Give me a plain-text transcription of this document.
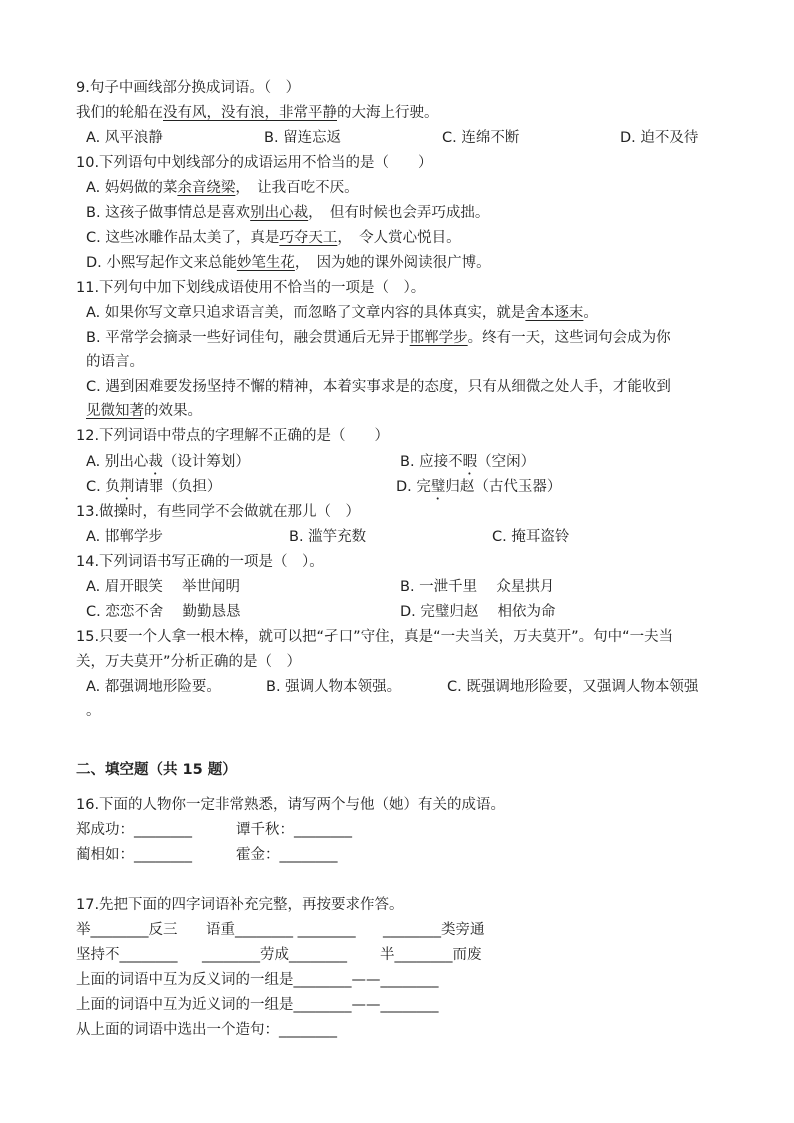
9.句子中画线部分换成词语。（　）
我们的轮船在没有风，没有浪，非常平静的大海上行驶。
A. 风平浪静	B. 留连忘返	C. 连绵不断	D. 迫不及待
10.下列语句中划线部分的成语运用不恰当的是（　　）
A. 妈妈做的菜余音绕梁，　让我百吃不厌。
B. 这孩子做事情总是喜欢别出心裁，　但有时候也会弄巧成拙。
C. 这些冰雕作品太美了，真是巧夺天工，　令人赏心悦目。
D. 小熙写起作文来总能妙笔生花，　因为她的课外阅读很广博。
11.下列句中加下划线成语使用不恰当的一项是（　）。
A. 如果你写文章只追求语言美，而忽略了文章内容的具体真实，就是舍本逐末。
B. 平常学会摘录一些好词佳句，融会贯通后无异于邯郸学步。终有一天，这些词句会成为你
的语言。
C. 遇到困难要发扬坚持不懈的精神，本着实事求是的态度，只有从细微之处人手，才能收到
见微知著的效果。
12.下列词语中带点的字理解不正确的是（　　）
A. 别出心裁（设计筹划）	B. 应接不暇（空闲）
C. 负荆请罪（负担）	D. 完璧归赵（古代玉器）
13.做操时，有些同学不会做就在那儿（　）
A. 邯郸学步	B. 滥竽充数	C. 掩耳盗铃
14.下列词语书写正确的一项是（　）。
A. 眉开眼笑　 举世闻明	B. 一泄千里　 众星拱月
C. 恋恋不舍　 勤勤恳恳	D. 完璧归赵　 相依为命
15.只要一个人拿一根木棒，就可以把“孑口”守住，真是“一夫当关，万夫莫开”。句中“一夫当
关，万夫莫开”分析正确的是（　）
A. 都强调地形险要。	B. 强调人物本领强。	C. 既强调地形险要，又强调人物本领强
。
二、填空题（共 15 题）
16.下面的人物你一定非常熟悉，请写两个与他（她）有关的成语。
郑成功：________	谭千秋：________
蔺相如：________	霍金：________
17.先把下面的四字词语补充完整，再按要求作答。
举________反三 语重________ ________ ________类旁通
坚持不________ ________劳成________ 半________而废
上面的词语中互为反义词的一组是________——________
上面的词语中互为近义词的一组是________——________
从上面的词语中选出一个造句：________
